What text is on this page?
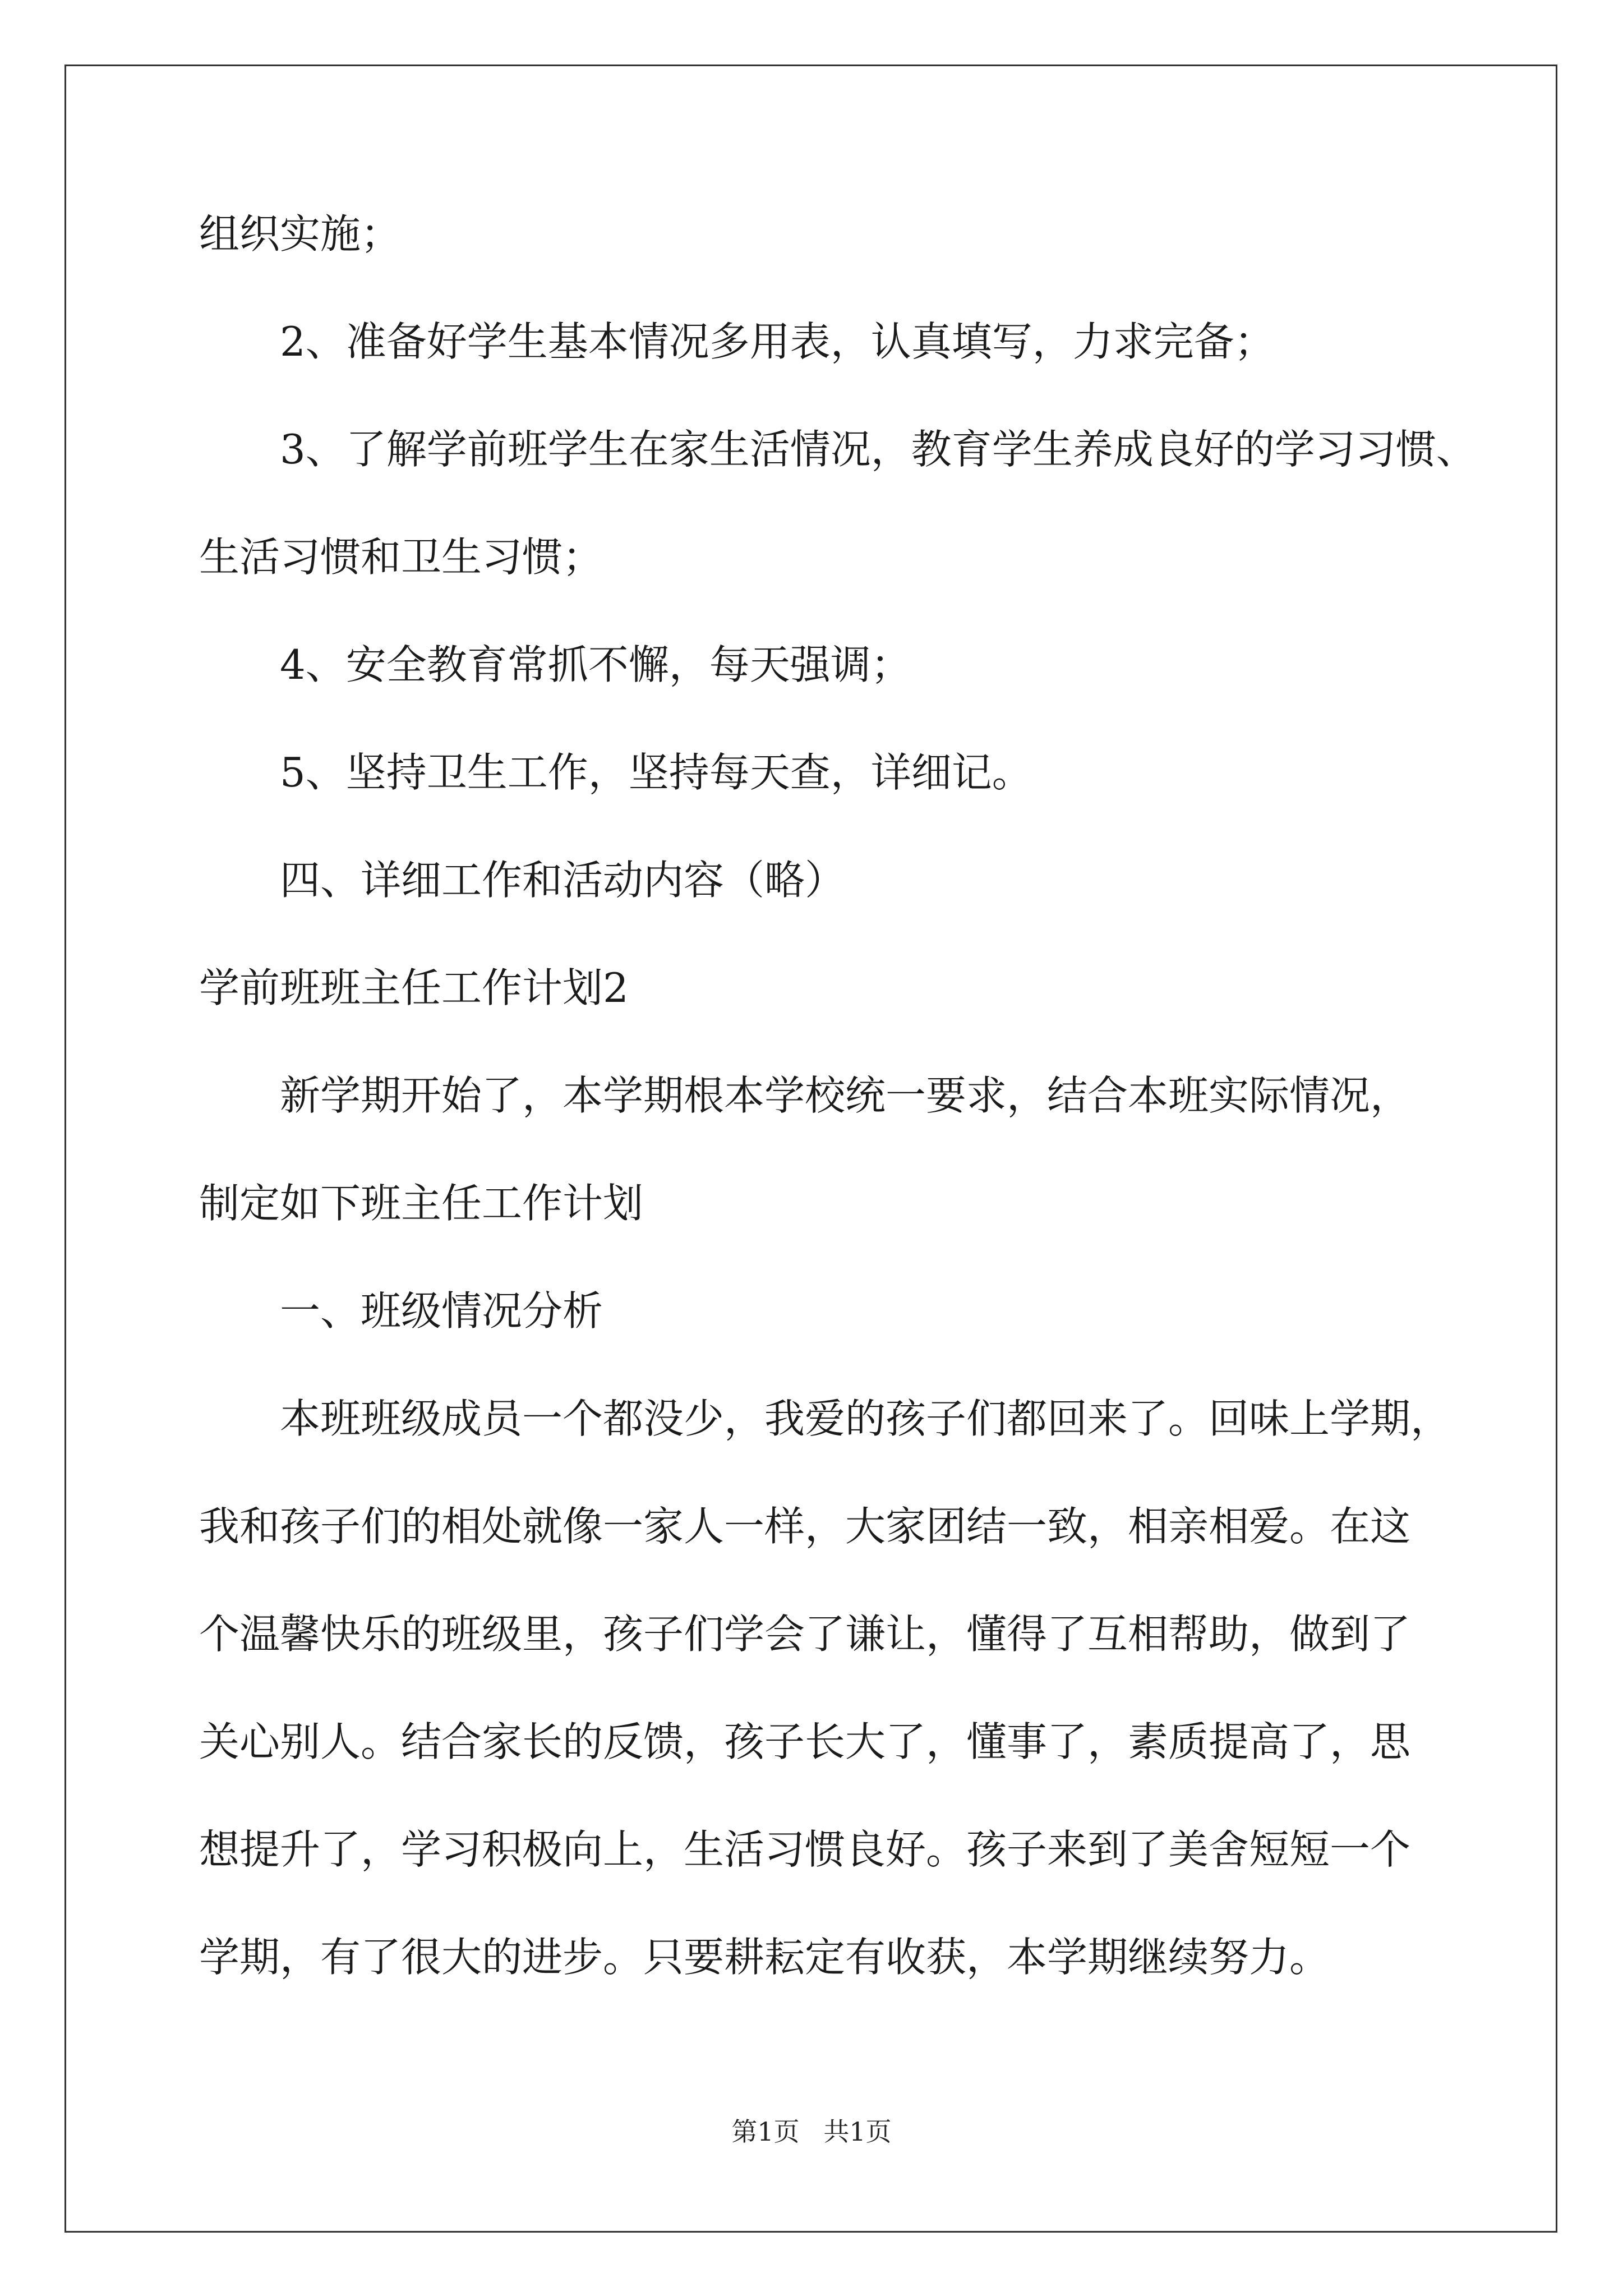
组织实施；
2、准备好学生基本情况多用表，认真填写，力求完备；
3、了解学前班学生在家生活情况，教育学生养成良好的学习习惯、
生活习惯和卫生习惯；
4、安全教育常抓不懈，每天强调；
5、坚持卫生工作，坚持每天查，详细记。
四、详细工作和活动内容（略）
学前班班主任工作计划2
新学期开始了，本学期根本学校统一要求，结合本班实际情况，
制定如下班主任工作计划
一、班级情况分析
本班班级成员一个都没少，我爱的孩子们都回来了。回味上学期，
我和孩子们的相处就像一家人一样，大家团结一致，相亲相爱。在这
个温馨快乐的班级里，孩子们学会了谦让，懂得了互相帮助，做到了
关心别人。结合家长的反馈，孩子长大了，懂事了，素质提高了，思
想提升了，学习积极向上，生活习惯良好。孩子来到了美舍短短一个
学期，有了很大的进步。只要耕耘定有收获，本学期继续努力。
第1页 共1页
